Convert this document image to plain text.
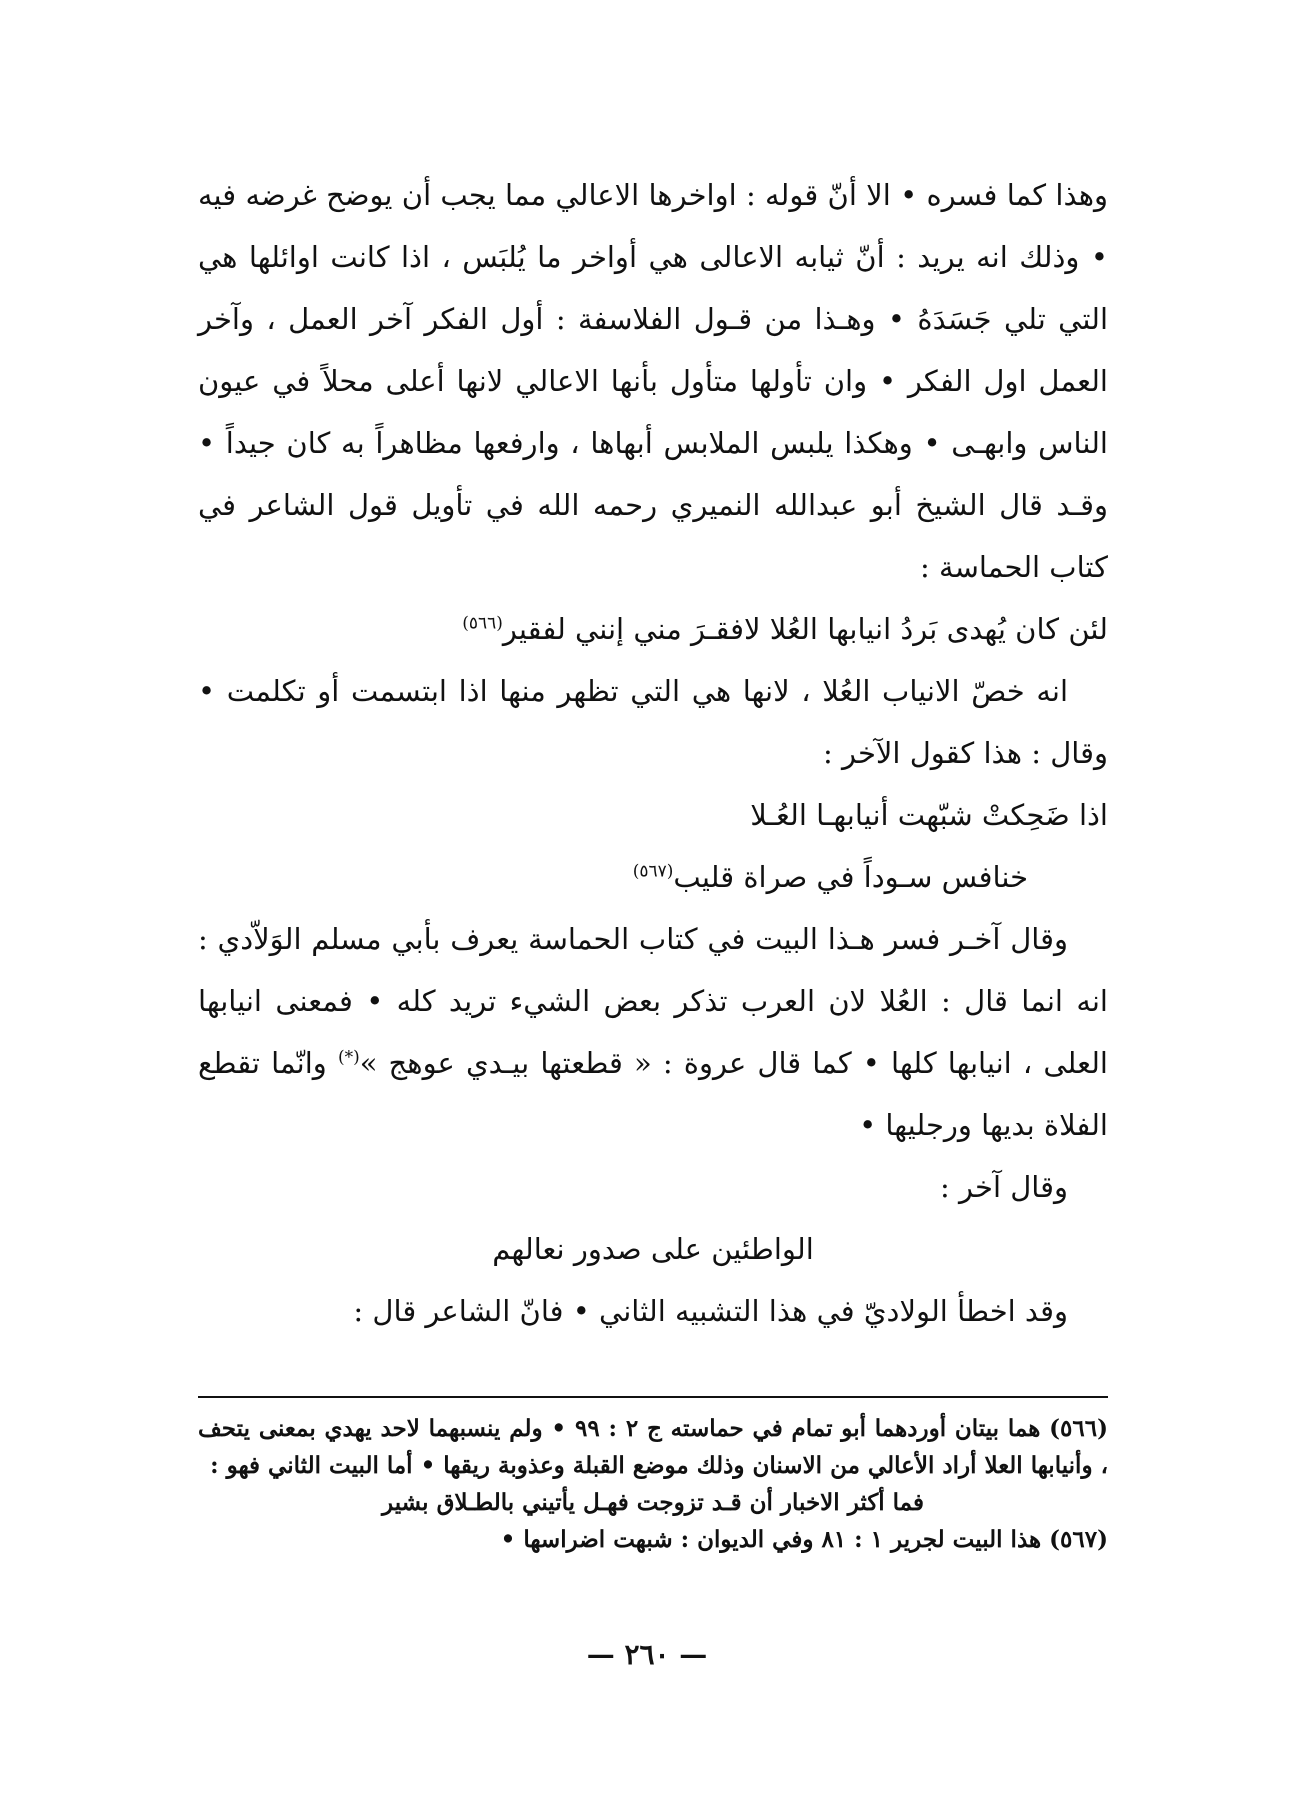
وهذا كما فسره • الا أنّ قوله : اواخرها الاعالي مما يجب أن يوضح غرضه فيه • وذلك انه يريد : أنّ ثيابه الاعالى هي أواخر ما يُلبَس ، اذا كانت اوائلها هي التي تلي جَسَدَهُ • وهـذا من قـول الفلاسفة : أول الفكر آخر العمل ، وآخر العمل اول الفكر • وان تأولها متأول بأنها الاعالي لانها أعلى محلاً في عيون الناس وابهـى • وهكذا يلبس الملابس أبهاها ، وارفعها مظاهراً به كان جيداً • وقـد قال الشيخ أبو عبدالله النميري رحمه الله في تأويل قول الشاعر في كتاب الحماسة :

لئن كان يُهدى بَردُ انيابها العُلا لافقـرَ مني إنني لفقير$^{(٥٦٦)}$

انه خصّ الانياب العُلا ، لانها هي التي تظهر منها اذا ابتسمت أو تكلمت • وقال : هذا كقول الآخر :

اذا ضَحِكتْ شبّهت أنيابهـا العُـلا

خنافس سـوداً في صراة قليب$^{(٥٦٧)}$

وقال آخـر فسر هـذا البيت في كتاب الحماسة يعرف بأبي مسلم الوَلاّدي : انه انما قال : العُلا لان العرب تذكر بعض الشيء تريد كله • فمعنى انيابها العلى ، انيابها كلها • كما قال عروة : « قطعتها بيـدي عوهج »(*) وانّما تقطع الفلاة بديها ورجليها •

وقال آخر :

الواطئين على صدور نعالهم

وقد اخطأ الولاديّ في هذا التشبيه الثاني • فانّ الشاعر قال :

(٥٦٦) هما بيتان أوردهما أبو تمام في حماسته ج ٢ : ٩٩ • ولم ينسبهما لاحد يهدي بمعنى يتحف ، وأنيابها العلا أراد الأعالي من الاسنان وذلك موضع القبلة وعذوبة ريقها • أما البيت الثاني فهو :

فما أكثر الاخبار أن قـد تزوجت فهـل يأتيني بالطـلاق بشير

(٥٦٧) هذا البيت لجرير ١ : ٨١ وفي الديوان : شبهت اضراسها •

— ٢٦٠ —
